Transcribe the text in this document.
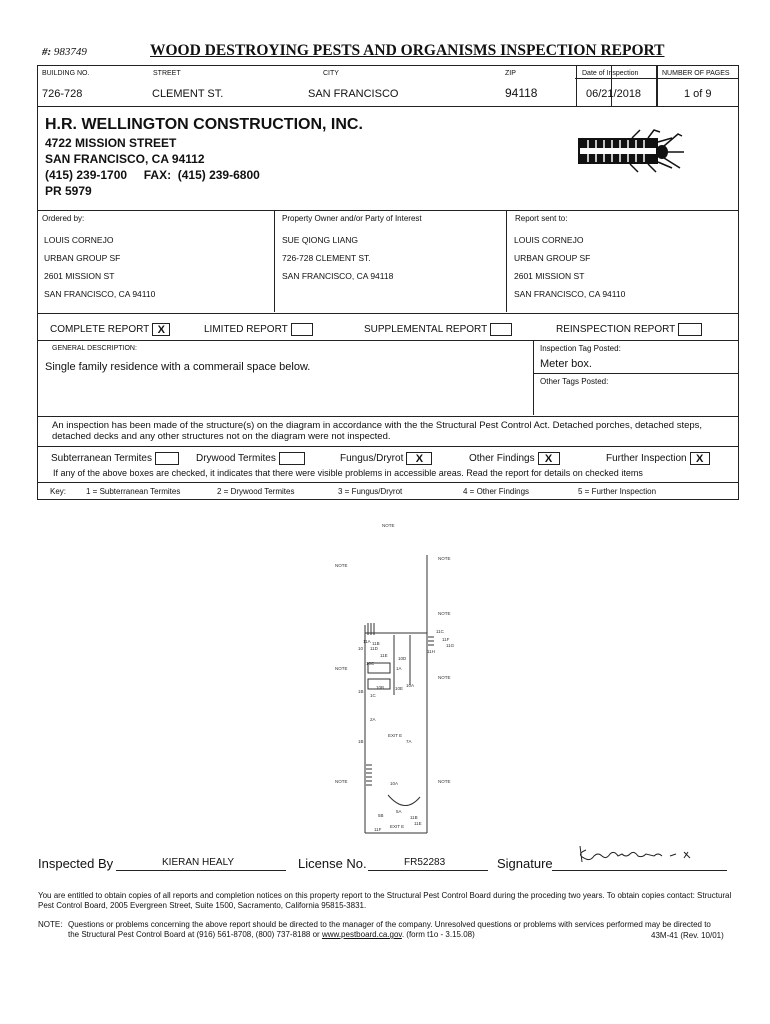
#: 983749	WOOD DESTROYING PESTS AND ORGANISMS INSPECTION REPORT
BUILDING NO.
726-728
STREET
CLEMENT ST.
CITY
SAN FRANCISCO
ZIP
94118
Date of Inspection
06/21/2018
NUMBER OF PAGES
1 of 9
H.R. WELLINGTON CONSTRUCTION, INC.
4722 MISSION STREET
SAN FRANCISCO, CA 94112
(415) 239-1700     FAX:  (415) 239-6800
PR 5979
Ordered by:
LOUIS CORNEJO
URBAN GROUP SF
2601 MISSION ST
SAN FRANCISCO, CA 94110
Property Owner and/or Party of Interest
SUE QIONG LIANG
726-728 CLEMENT ST.
SAN FRANCISCO, CA 94118
Report sent to:
LOUIS CORNEJO
URBAN GROUP SF
2601 MISSION ST
SAN FRANCISCO, CA 94110
COMPLETE REPORT X	LIMITED REPORT	SUPPLEMENTAL REPORT	REINSPECTION REPORT
GENERAL DESCRIPTION:
Single family residence with a commerail space below.
Inspection Tag Posted:
Meter box.
Other Tags Posted:
An inspection has been made of the structure(s) on the diagram in accordance with the the Structural Pest Control Act. Detached porches, detached steps, detached decks and any other structures not on the diagram were not inspected.
Subterranean Termites	Drywood Termites	Fungus/Dryrot X	Other Findings X	Further Inspection X
If any of the above boxes are checked, it indicates that there were visible problems in accessible areas. Read the report for details on checked items
Key: 1 = Subterranean Termites	2 = Drywood Termites	3 = Fungus/Dryrot	4 = Other Findings	5 = Further Inspection
NOTE
NOTE
NOTE
NOTE
NOTE
NOTE
NOTE	NOTE
11A 11B
11C
10 11D
11E
11F
11G
11H
10D
10C
1A
10A
10B 10E
1B
1C
2A
7A
EXIT E
1B
10A
5B
5A
11B
11E
11F
EXIT E
Inspected By	KIERAN HEALY	License No.	FR52283	Signature
You are entitled to obtain copies of all reports and completion notices on this property report to the Structural Pest Control Board during the proceding two years. To obtain copies contact: Structural Pest Control Board, 2005 Evergreen Street, Suite 1500, Sacramento, California 95815-3831.
NOTE: Questions or problems concerning the above report should be directed to the manager of the company. Unresolved questions or problems with services performed may be directed to the Structural Pest Control Board at (916) 561-8708, (800) 737-8188 or www.pestboard.ca.gov. (form t1o - 3.15.08)	43M-41 (Rev. 10/01)
